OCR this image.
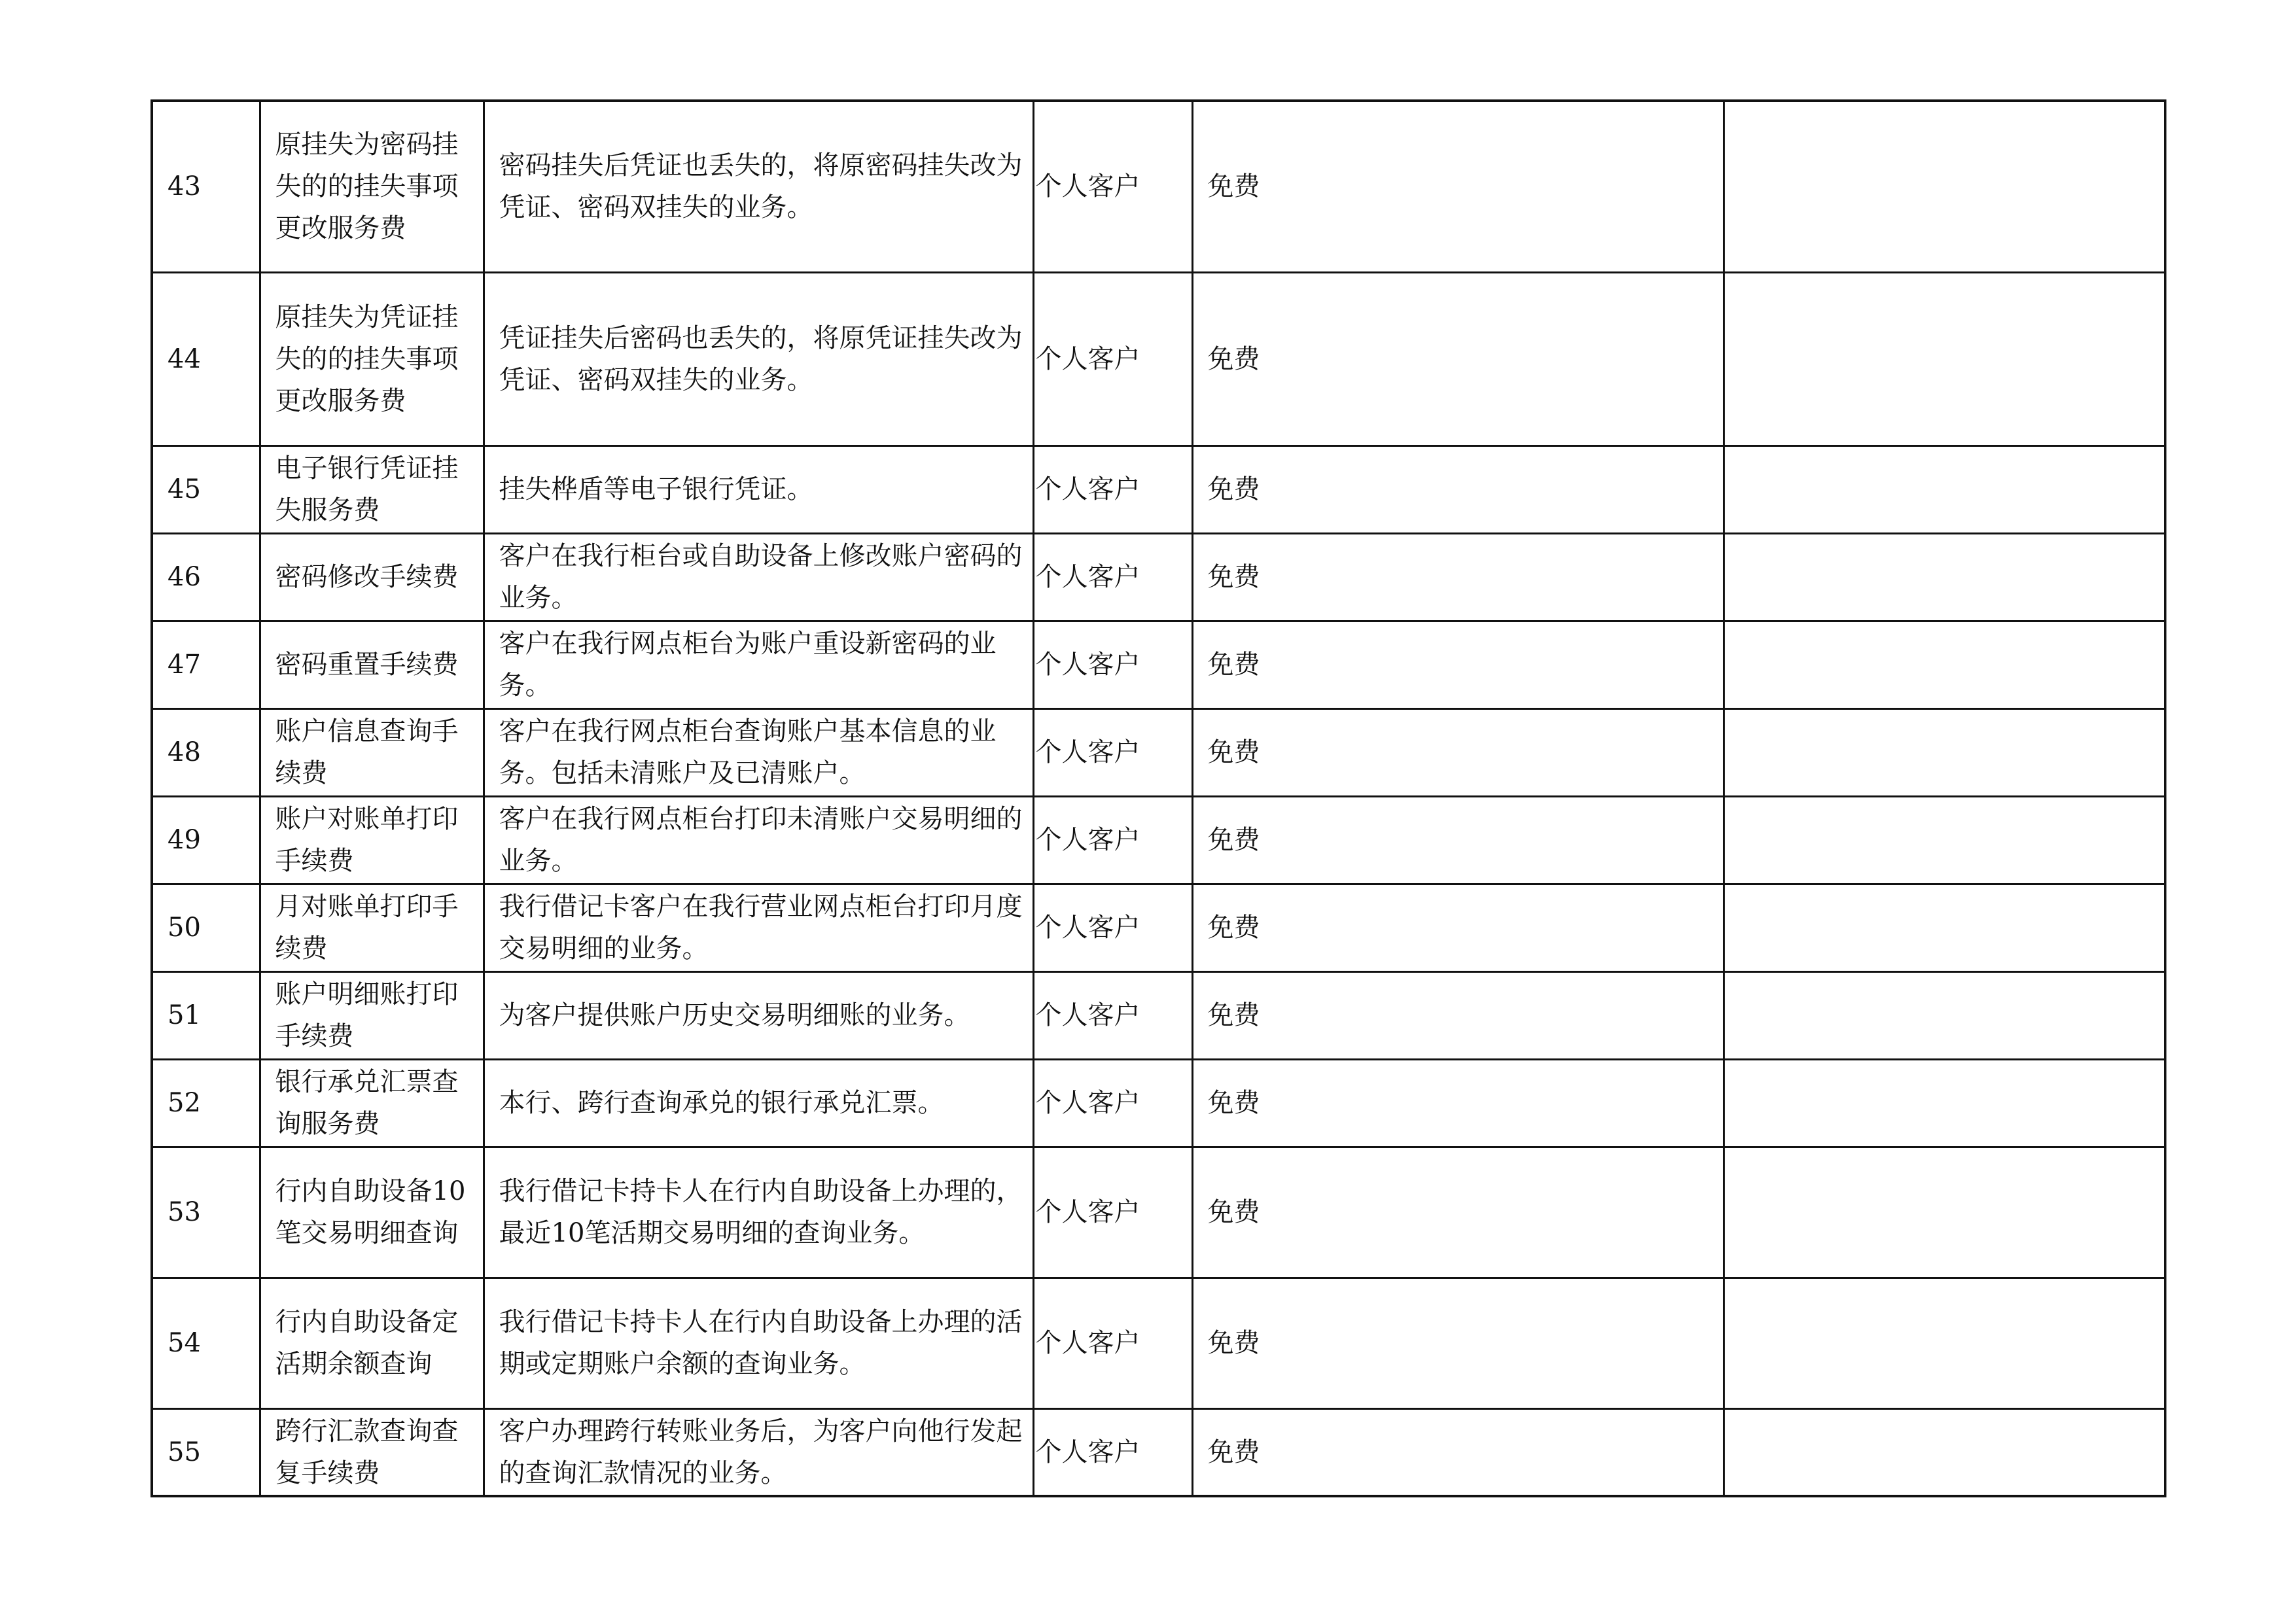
43	原挂失为密码挂失的的挂失事项更改服务费	密码挂失后凭证也丢失的，将原密码挂失改为凭证、密码双挂失的业务。	个人客户	免费	
44	原挂失为凭证挂失的的挂失事项更改服务费	凭证挂失后密码也丢失的，将原凭证挂失改为凭证、密码双挂失的业务。	个人客户	免费	
45	电子银行凭证挂失服务费	挂失桦盾等电子银行凭证。	个人客户	免费	
46	密码修改手续费	客户在我行柜台或自助设备上修改账户密码的业务。	个人客户	免费	
47	密码重置手续费	客户在我行网点柜台为账户重设新密码的业务。	个人客户	免费	
48	账户信息查询手续费	客户在我行网点柜台查询账户基本信息的业务。包括未清账户及已清账户。	个人客户	免费	
49	账户对账单打印手续费	客户在我行网点柜台打印未清账户交易明细的业务。	个人客户	免费	
50	月对账单打印手续费	我行借记卡客户在我行营业网点柜台打印月度交易明细的业务。	个人客户	免费	
51	账户明细账打印手续费	为客户提供账户历史交易明细账的业务。	个人客户	免费	
52	银行承兑汇票查询服务费	本行、跨行查询承兑的银行承兑汇票。	个人客户	免费	
53	行内自助设备10笔交易明细查询	我行借记卡持卡人在行内自助设备上办理的，最近10笔活期交易明细的查询业务。	个人客户	免费	
54	行内自助设备定活期余额查询	我行借记卡持卡人在行内自助设备上办理的活期或定期账户余额的查询业务。	个人客户	免费	
55	跨行汇款查询查复手续费	客户办理跨行转账业务后，为客户向他行发起的查询汇款情况的业务。	个人客户	免费	
